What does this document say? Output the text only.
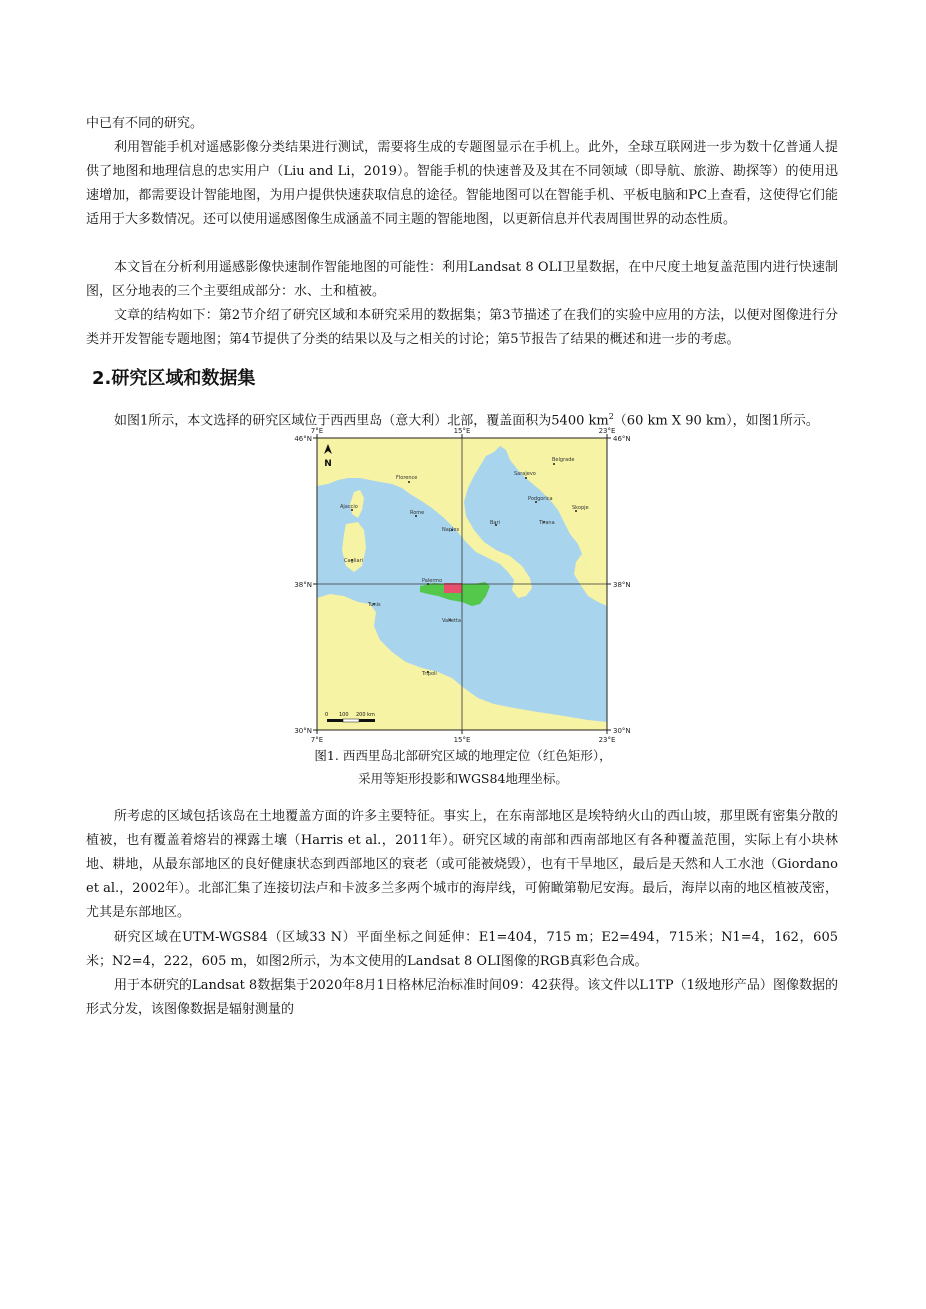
中已有不同的研究。

利用智能手机对遥感影像分类结果进行测试，需要将生成的专题图显示在手机上。此外，全球互联网进一步为数十亿普通人提供了地图和地理信息的忠实用户（Liu and Li，2019）。智能手机的快速普及及其在不同领域（即导航、旅游、勘探等）的使用迅速增加，都需要设计智能地图，为用户提供快速获取信息的途径。智能地图可以在智能手机、平板电脑和PC上查看，这使得它们能适用于大多数情况。还可以使用遥感图像生成涵盖不同主题的智能地图，以更新信息并代表周围世界的动态性质。

本文旨在分析利用遥感影像快速制作智能地图的可能性：利用Landsat 8 OLI卫星数据，在中尺度土地复盖范围内进行快速制图，区分地表的三个主要组成部分：水、土和植被。

文章的结构如下：第2节介绍了研究区域和本研究采用的数据集；第3节描述了在我们的实验中应用的方法，以便对图像进行分类并开发智能专题地图；第4节提供了分类的结果以及与之相关的讨论；第5节报告了结果的概述和进一步的考虑。

2.研究区域和数据集

如图1所示，本文选择的研究区域位于西西里岛（意大利）北部，覆盖面积为5400 $km^2(60$ km X 90 km），如图1所示。

7°E	15°E	23°E
7°E	15°E	23°E
46°N
38°N
30°N
46°N
38°N
30°N
N	Belgrade
Sarajevo
Florence
Podgorica
Skopje
Ajaccio
Rome
Bari	Tirana
Naples
Cagliari
Palermo
Tunis
Valletta
Tripoli
0 100 200 km
图1. 西西里岛北部研究区域的地理定位（红色矩形），
采用等矩形投影和WGS84地理坐标。

所考虑的区域包括该岛在土地覆盖方面的许多主要特征。事实上，在东南部地区是埃特纳火山的西山坡，那里既有密集分散的植被，也有覆盖着熔岩的裸露土壤（Harris et al.，2011年）。研究区域的南部和西南部地区有各种覆盖范围，实际上有小块林地、耕地，从最东部地区的良好健康状态到西部地区的衰老（或可能被烧毁），也有干旱地区，最后是天然和人工水池（Giordano et al.，2002年）。北部汇集了连接切法卢和卡波多兰多两个城市的海岸线，可俯瞰第勒尼安海。最后，海岸以南的地区植被茂密，尤其是东部地区。

研究区域在UTM-WGS84（区域33 N）平面坐标之间延伸：E1=404，715 m；E2=494，715米；N1=4，162，605米；N2=4，222，605 m，如图2所示，为本文使用的Landsat 8 OLI图像的RGB真彩色合成。

用于本研究的Landsat 8数据集于2020年8月1日格林尼治标准时间09：42获得。该文件以L1TP（1级地形产品）图像数据的形式分发，该图像数据是辐射测量的
